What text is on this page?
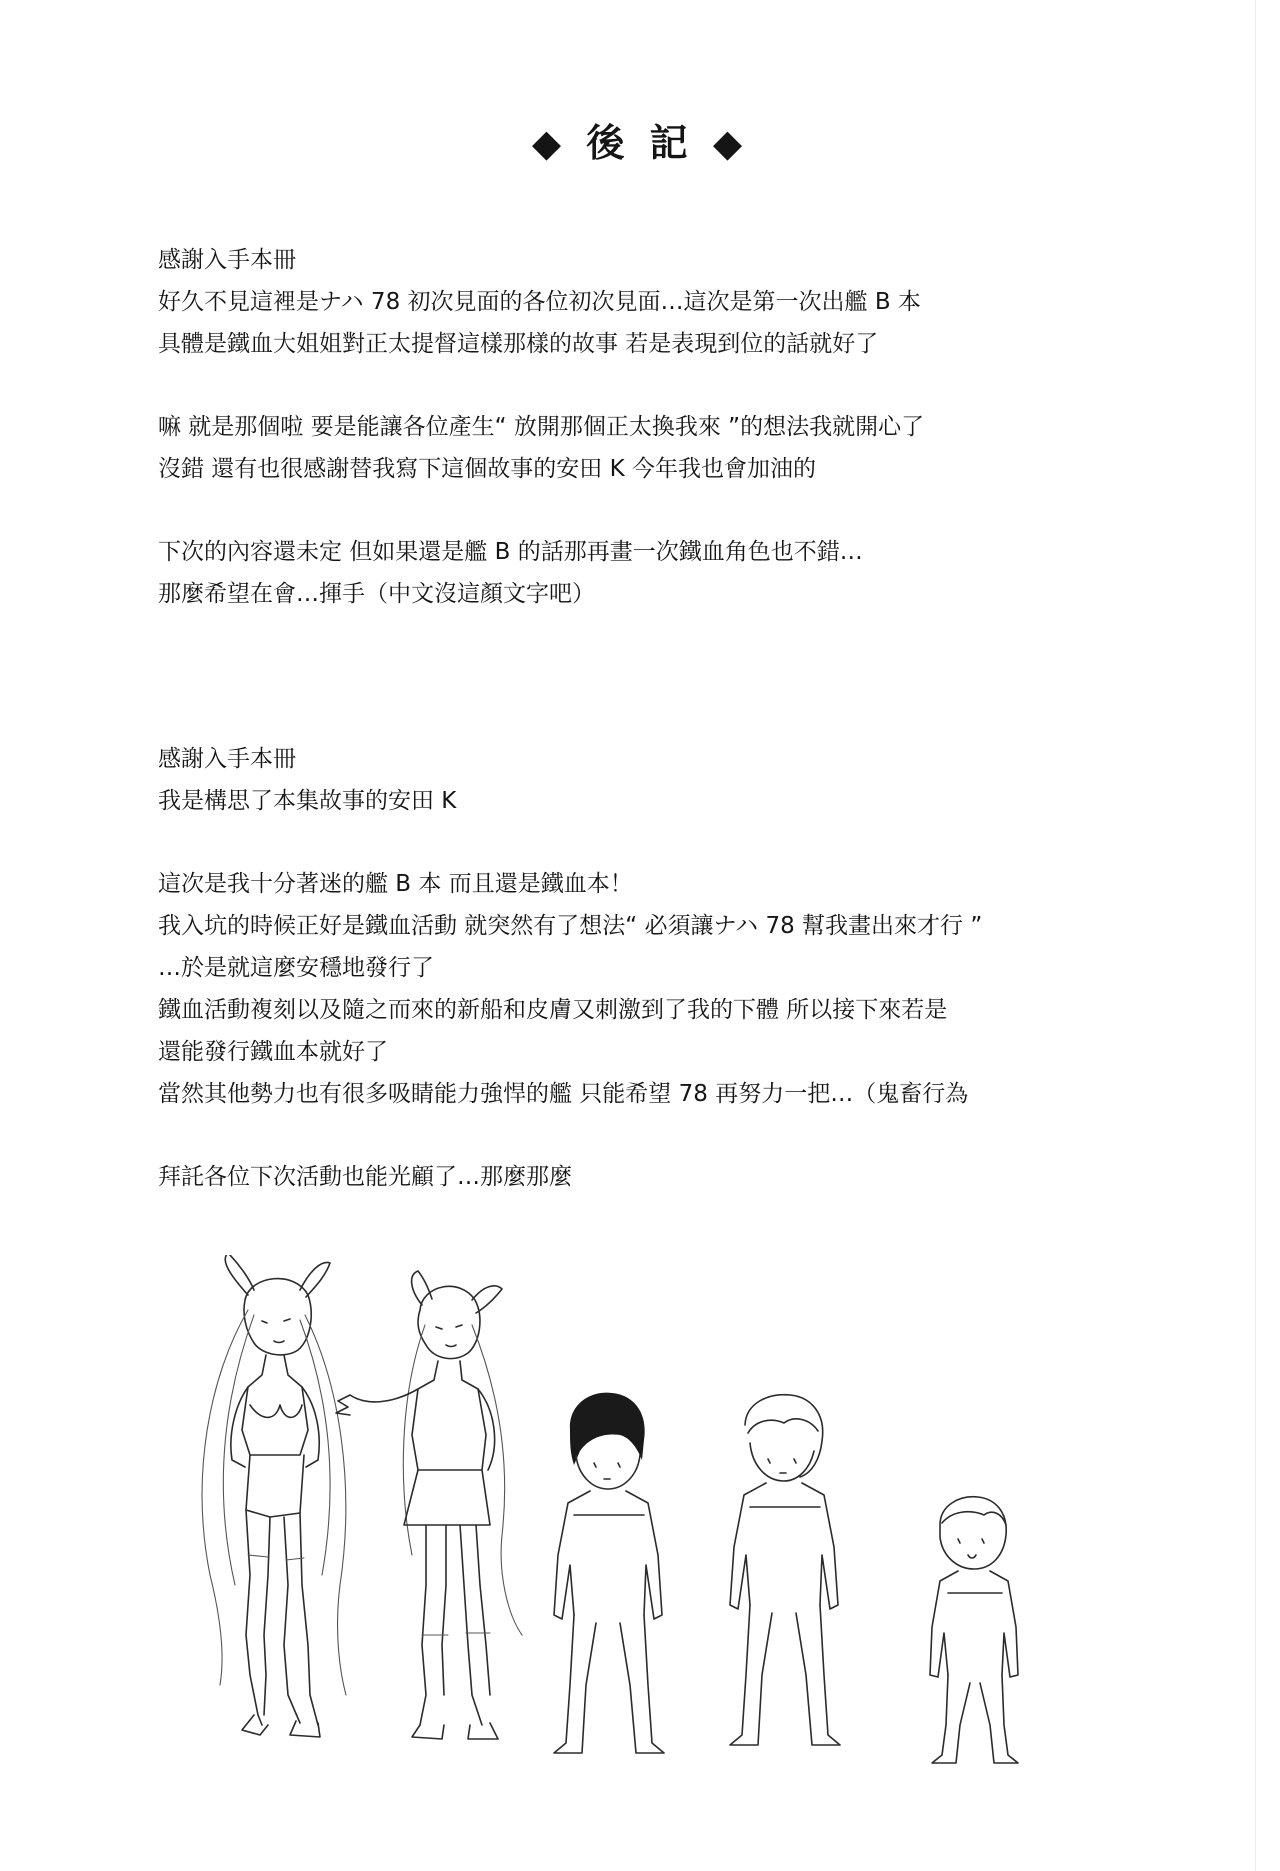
◆ 後 記 ◆

感謝入手本冊

好久不見這裡是ナハ 78 初次見面的各位初次見面…這次是第一次出艦 B 本

具體是鐵血大姐姐對正太提督這樣那樣的故事 若是表現到位的話就好了

嘛 就是那個啦 要是能讓各位產生“ 放開那個正太換我來 ”的想法我就開心了

沒錯 還有也很感謝替我寫下這個故事的安田 K 今年我也會加油的

下次的內容還未定 但如果還是艦 B 的話那再畫一次鐵血角色也不錯…

那麼希望在會…揮手（中文沒這顏文字吧）

感謝入手本冊

我是構思了本集故事的安田 K

這次是我十分著迷的艦 B 本 而且還是鐵血本！

我入坑的時候正好是鐵血活動 就突然有了想法“ 必須讓ナハ 78 幫我畫出來才行 ”

…於是就這麼安穩地發行了

鐵血活動複刻以及隨之而來的新船和皮膚又刺激到了我的下體 所以接下來若是

還能發行鐵血本就好了

當然其他勢力也有很多吸睛能力強悍的艦 只能希望 78 再努力一把…（鬼畜行為

拜託各位下次活動也能光顧了…那麼那麼
